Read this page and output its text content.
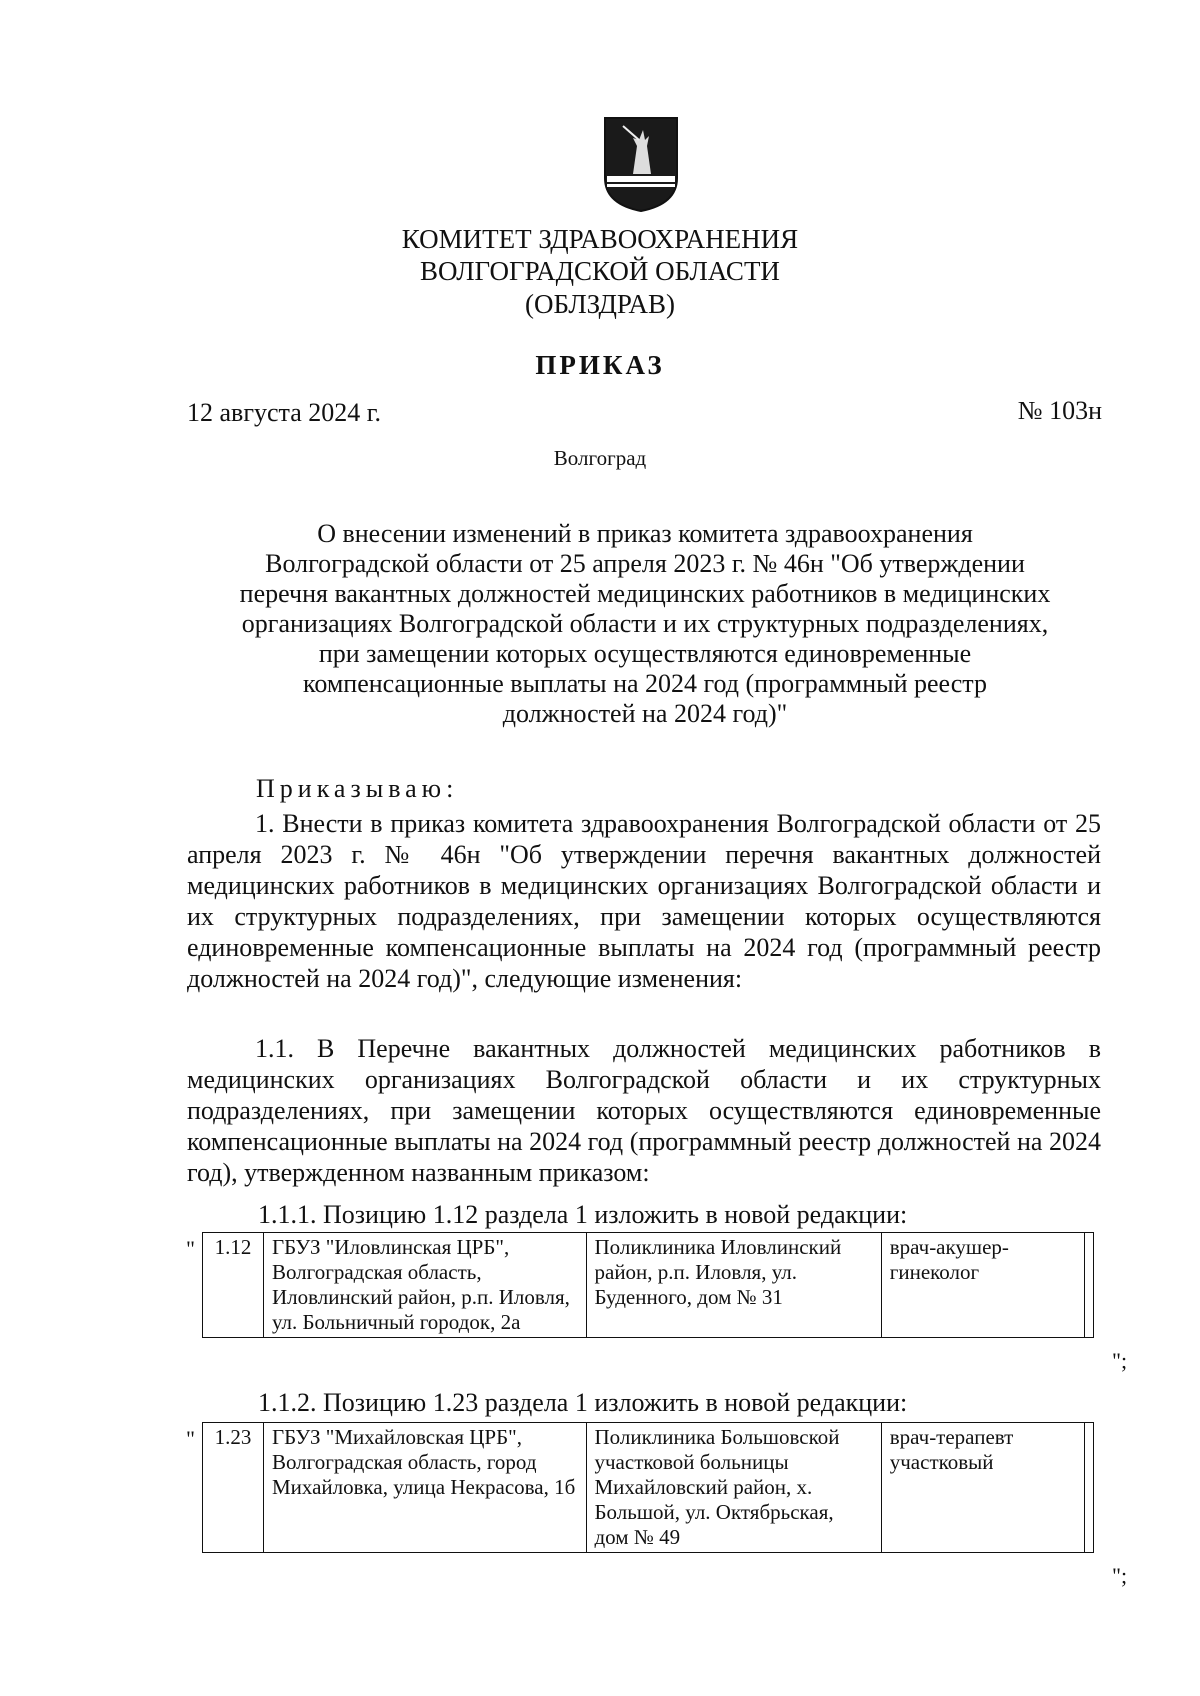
КОМИТЕТ ЗДРАВООХРАНЕНИЯ
ВОЛГОГРАДСКОЙ ОБЛАСТИ
(ОБЛЗДРАВ)
ПРИКАЗ
12 августа 2024 г.	№ 103н
Волгоград
О внесении изменений в приказ комитета здравоохранения
Волгоградской области от 25 апреля 2023 г. № 46н "Об утверждении
перечня вакантных должностей медицинских работников в медицинских
организациях Волгоградской области и их структурных подразделениях,
при замещении которых осуществляются единовременные
компенсационные выплаты на 2024 год (программный реестр
должностей на 2024 год)"
Приказываю:
1. Внести в приказ комитета здравоохранения Волгоградской области от 25 апреля 2023 г. № 46н "Об утверждении перечня вакантных должностей медицинских работников в медицинских организациях Волгоградской области и их структурных подразделениях, при замещении которых осуществляются единовременные компенсационные выплаты на 2024 год (программный реестр должностей на 2024 год)", следующие изменения:
1.1. В Перечне вакантных должностей медицинских работников в медицинских организациях Волгоградской области и их структурных подразделениях, при замещении которых осуществляются единовременные компенсационные выплаты на 2024 год (программный реестр должностей на 2024 год), утвержденном названным приказом:
1.1.1. Позицию 1.12 раздела 1 изложить в новой редакции:
" 1.12	ГБУЗ "Иловлинская ЦРБ", Волгоградская область, Иловлинский район, р.п. Иловля, ул. Больничный городок, 2а	Поликлиника Иловлинский район, р.п. Иловля, ул. Буденного, дом № 31	врач-акушер-гинеколог	
";
1.1.2. Позицию 1.23 раздела 1 изложить в новой редакции:
" 1.23	ГБУЗ "Михайловская ЦРБ", Волгоградская область, город Михайловка, улица Некрасова, 1б	Поликлиника Большовской участковой больницы Михайловский район, х. Большой, ул. Октябрьская, дом № 49	врач-терапевт участковый	
";
